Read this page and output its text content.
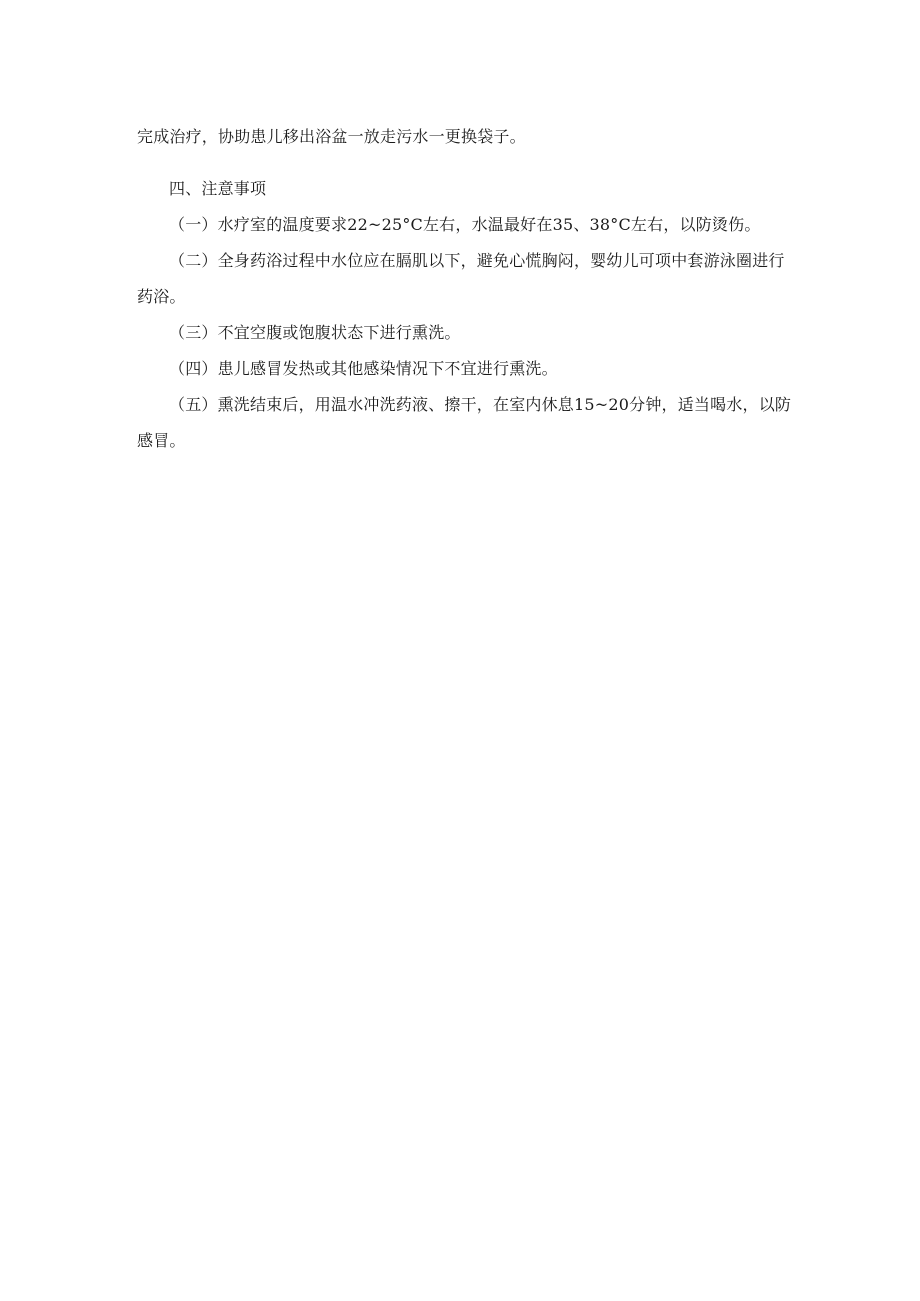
完成治疗，协助患儿移出浴盆一放走污水一更换袋子。

四、注意事项

（一）水疗室的温度要求22~25°C左右，水温最好在35、38°C左右，以防烫伤。

（二）全身药浴过程中水位应在膈肌以下，避免心慌胸闷，婴幼儿可项中套游泳圈进行药浴。

（三）不宜空腹或饱腹状态下进行熏洗。

（四）患儿感冒发热或其他感染情况下不宜进行熏洗。

（五）熏洗结束后，用温水冲洗药液、擦干，在室内休息15~20分钟，适当喝水，以防感冒。
